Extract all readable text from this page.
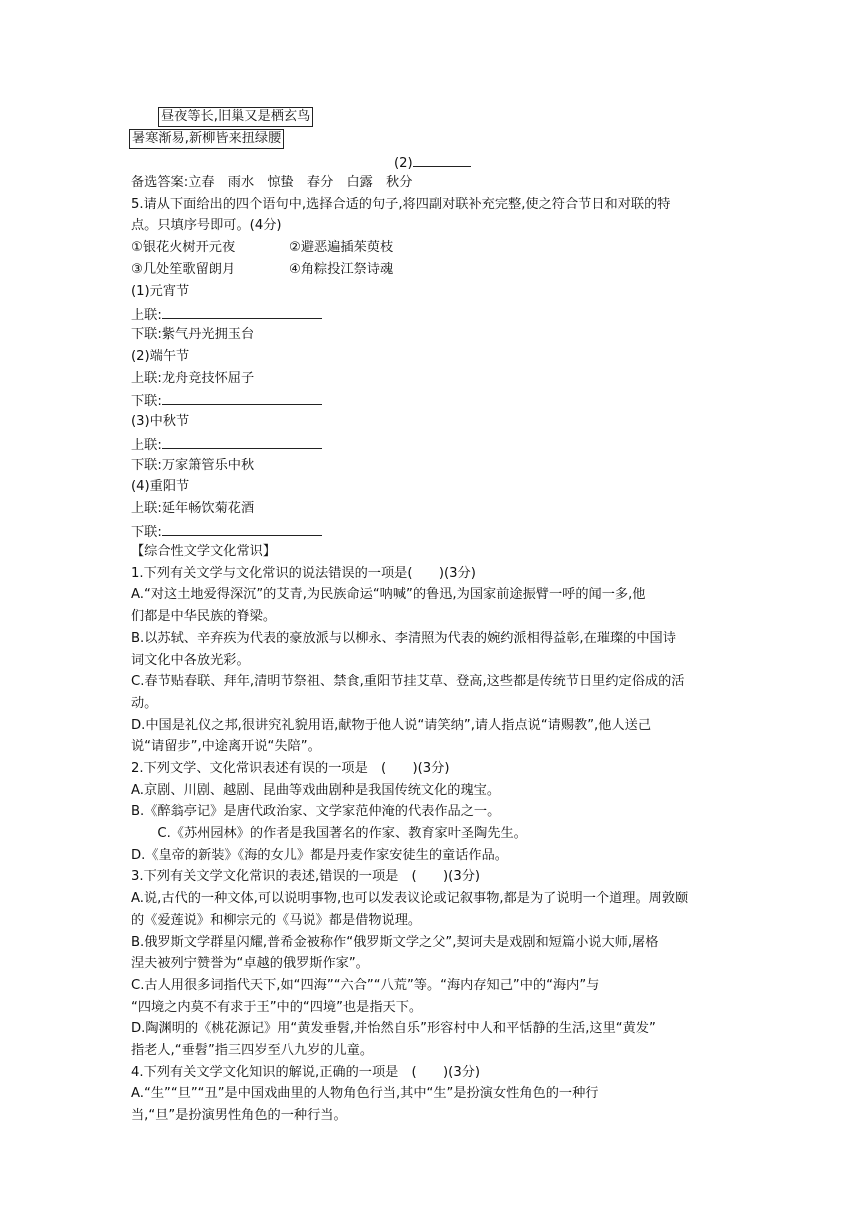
昼夜等长,旧巢又是栖玄鸟
暑寒渐易,新柳皆来扭绿腰
(2)
备选答案:立春　雨水　惊蛰　春分　白露　秋分
5.请从下面给出的四个语句中,选择合适的句子,将四副对联补充完整,使之符合节日和对联的特
点。只填序号即可。(4分)
①银花火树开元夜	②避恶遍插茱萸枝
③几处笙歌留朗月	④角粽投江祭诗魂
(1)元宵节
上联:
下联:紫气丹光拥玉台
(2)端午节
上联:龙舟竞技怀屈子
下联:
(3)中秋节
上联:
下联:万家箫管乐中秋
(4)重阳节
上联:延年畅饮菊花酒
下联:
【综合性文学文化常识】
1.下列有关文学与文化常识的说法错误的一项是(　　)(3分)
A.“对这土地爱得深沉”的艾青,为民族命运“呐喊”的鲁迅,为国家前途振臂一呼的闻一多,他
们都是中华民族的脊梁。
B.以苏轼、辛弃疾为代表的豪放派与以柳永、李清照为代表的婉约派相得益彰,在璀璨的中国诗
词文化中各放光彩。
C.春节贴春联、拜年,清明节祭祖、禁食,重阳节挂艾草、登高,这些都是传统节日里约定俗成的活
动。
D.中国是礼仪之邦,很讲究礼貌用语,献物于他人说“请笑纳”,请人指点说“请赐教”,他人送己
说“请留步”,中途离开说“失陪”。
2.下列文学、文化常识表述有误的一项是　(　　)(3分)
A.京剧、川剧、越剧、昆曲等戏曲剧种是我国传统文化的瑰宝。
B.《醉翁亭记》是唐代政治家、文学家范仲淹的代表作品之一。
　　C.《苏州园林》的作者是我国著名的作家、教育家叶圣陶先生。
D.《皇帝的新装》《海的女儿》都是丹麦作家安徒生的童话作品。
3.下列有关文学文化常识的表述,错误的一项是　(　　)(3分)
A.说,古代的一种文体,可以说明事物,也可以发表议论或记叙事物,都是为了说明一个道理。周敦颐
的《爱莲说》和柳宗元的《马说》都是借物说理。
B.俄罗斯文学群星闪耀,普希金被称作“俄罗斯文学之父”,契诃夫是戏剧和短篇小说大师,屠格
涅夫被列宁赞誉为“卓越的俄罗斯作家”。
C.古人用很多词指代天下,如“四海”“六合”“八荒”等。“海内存知己”中的“海内”与
“四境之内莫不有求于王”中的“四境”也是指天下。
D.陶渊明的《桃花源记》用“黄发垂髫,并怡然自乐”形容村中人和平恬静的生活,这里“黄发”
指老人,“垂髫”指三四岁至八九岁的儿童。
4.下列有关文学文化知识的解说,正确的一项是　(　　)(3分)
A.“生”“旦”“丑”是中国戏曲里的人物角色行当,其中“生”是扮演女性角色的一种行
当,“旦”是扮演男性角色的一种行当。
